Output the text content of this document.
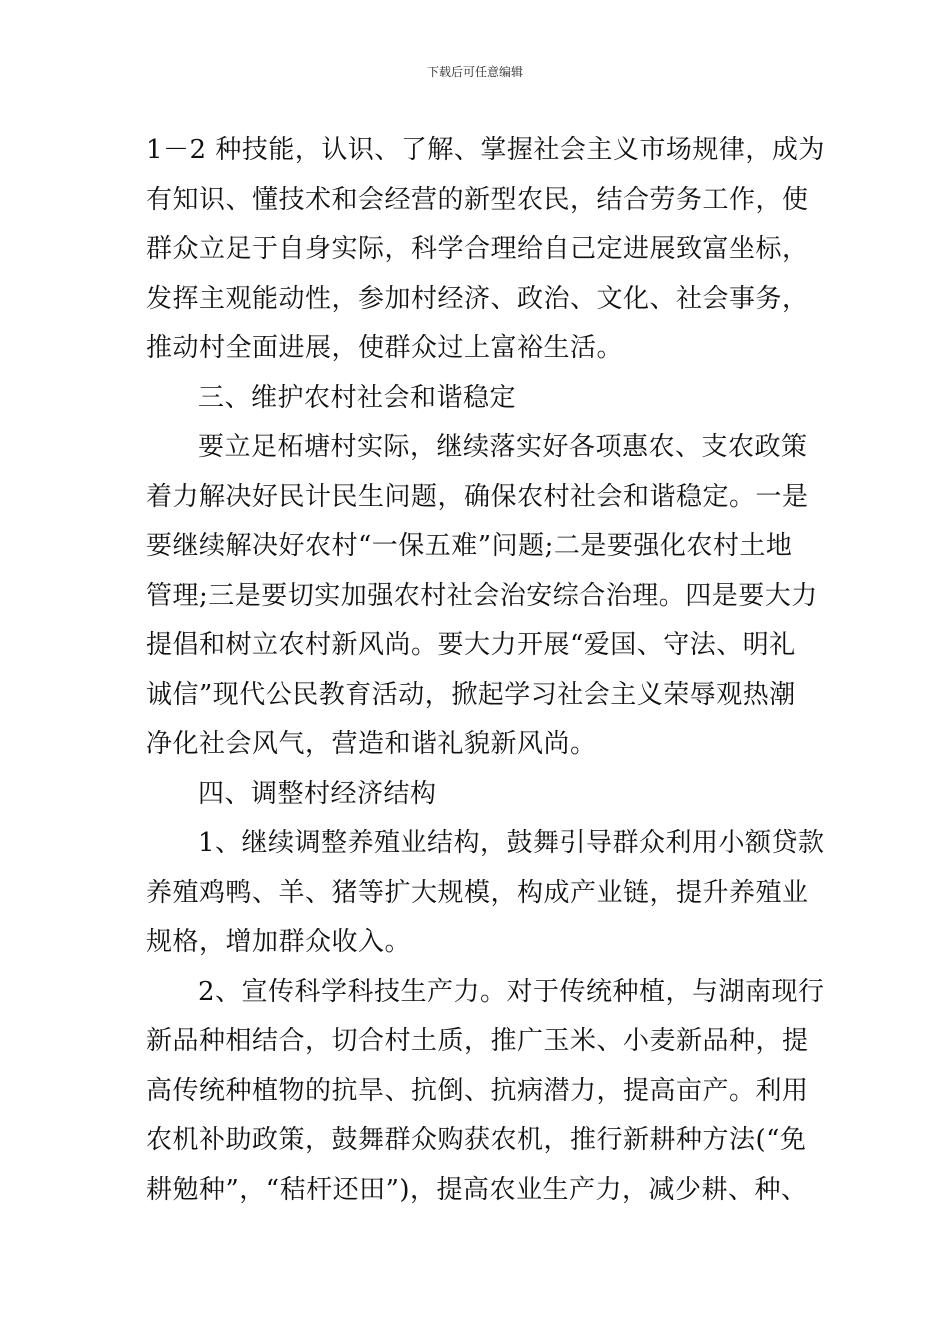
下载后可任意编辑
1－2 种技能，认识、了解、掌握社会主义市场规律，成为
有知识、懂技术和会经营的新型农民，结合劳务工作，使
群众立足于自身实际，科学合理给自己定进展致富坐标，
发挥主观能动性，参加村经济、政治、文化、社会事务，
推动村全面进展，使群众过上富裕生活。
三、维护农村社会和谐稳定
要立足柘塘村实际，继续落实好各项惠农、支农政策
着力解决好民计民生问题，确保农村社会和谐稳定。一是
要继续解决好农村“一保五难”问题;二是要强化农村土地
管理;三是要切实加强农村社会治安综合治理。四是要大力
提倡和树立农村新风尚。要大力开展“爱国、守法、明礼
诚信”现代公民教育活动，掀起学习社会主义荣辱观热潮
净化社会风气，营造和谐礼貌新风尚。
四、调整村经济结构
1、继续调整养殖业结构，鼓舞引导群众利用小额贷款
养殖鸡鸭、羊、猪等扩大规模，构成产业链，提升养殖业
规格，增加群众收入。
2、宣传科学科技生产力。对于传统种植，与湖南现行
新品种相结合，切合村土质，推广玉米、小麦新品种，提
高传统种植物的抗旱、抗倒、抗病潜力，提高亩产。利用
农机补助政策，鼓舞群众购获农机，推行新耕种方法(“免
耕勉种”，“秸杆还田”)，提高农业生产力，减少耕、种、
